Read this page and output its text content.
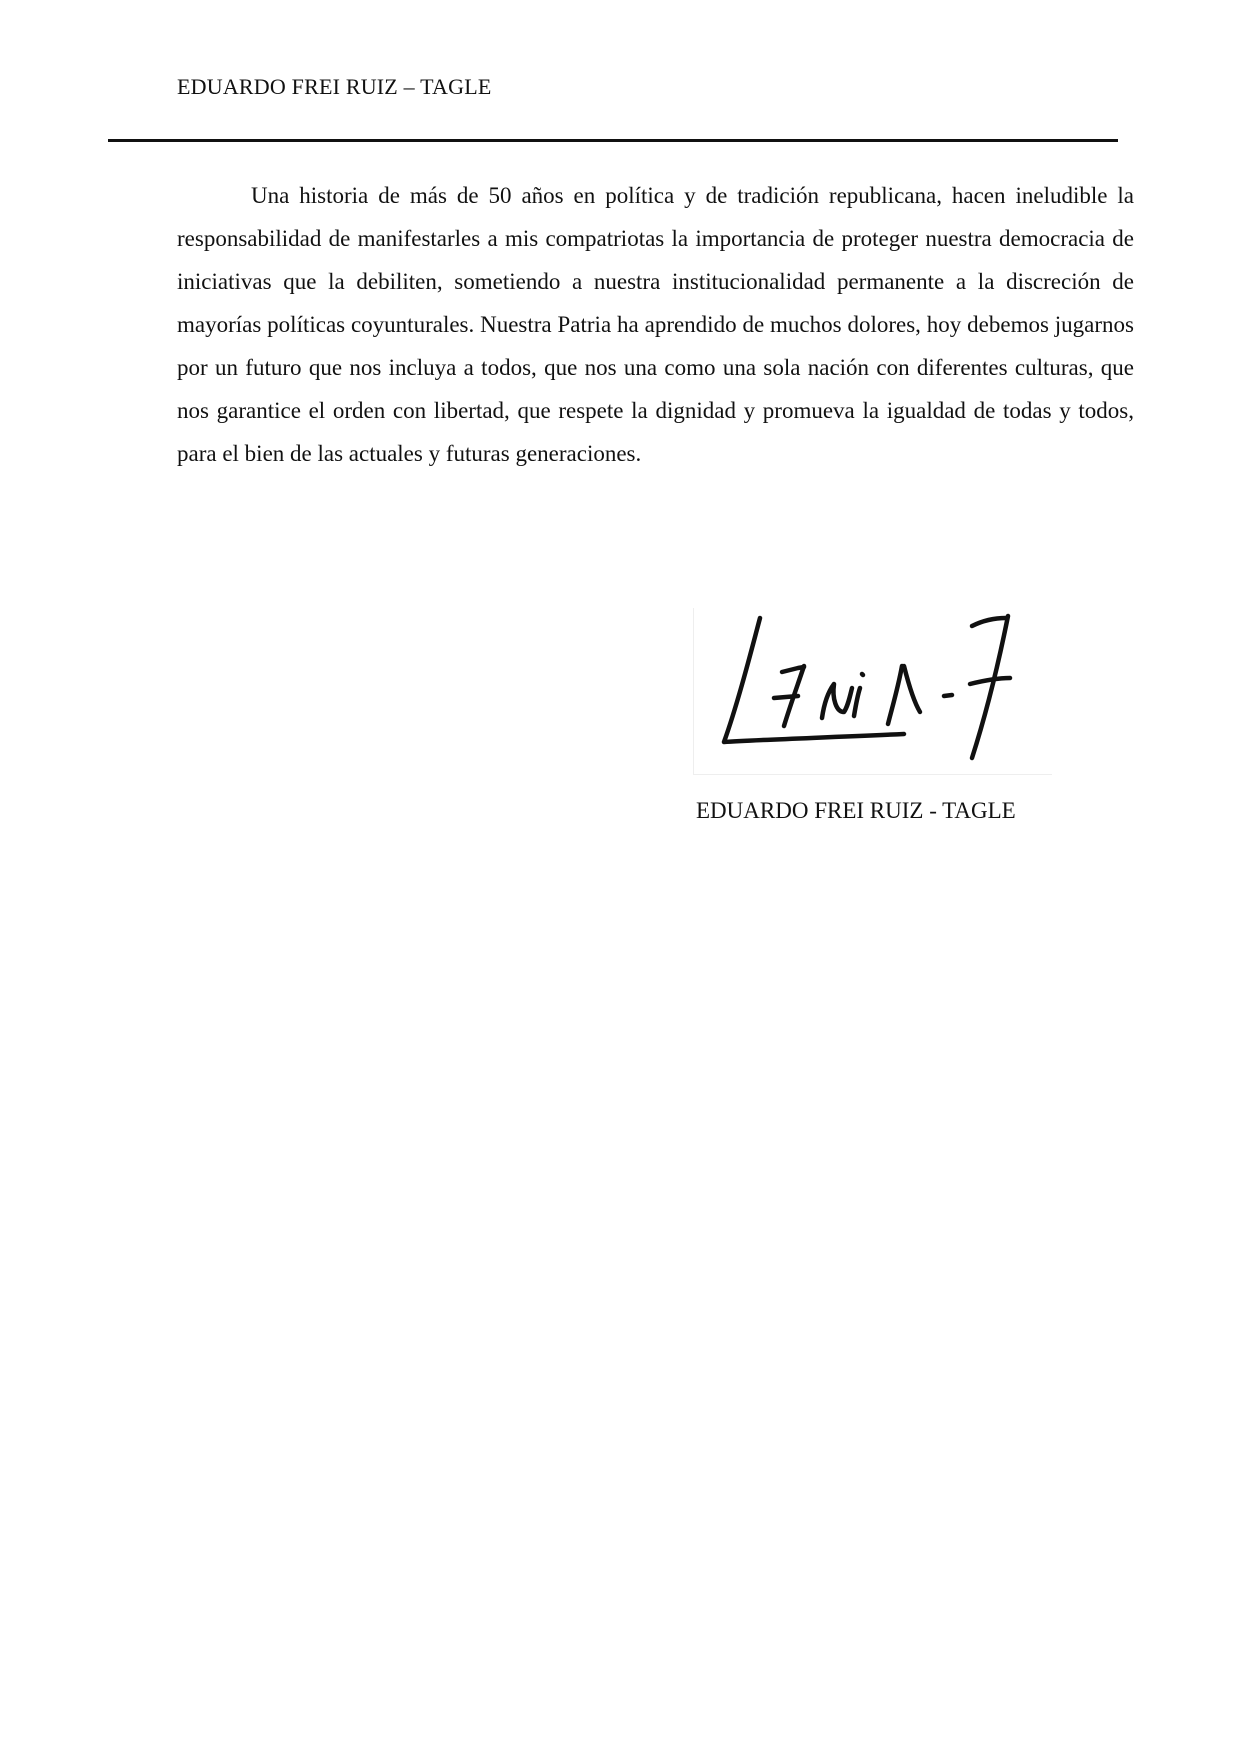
EDUARDO FREI RUIZ – TAGLE

Una historia de más de 50 años en política y de tradición republicana, hacen ineludible la responsabilidad de manifestarles a mis compatriotas la importancia de proteger nuestra democracia de iniciativas que la debiliten, sometiendo a nuestra institucionalidad permanente a la discreción de mayorías políticas coyunturales. Nuestra Patria ha aprendido de muchos dolores, hoy debemos jugarnos por un futuro que nos incluya a todos, que nos una como una sola nación con diferentes culturas, que nos garantice el orden con libertad, que respete la dignidad y promueva la igualdad de todas y todos, para el bien de las actuales y futuras generaciones.

EDUARDO FREI RUIZ - TAGLE
